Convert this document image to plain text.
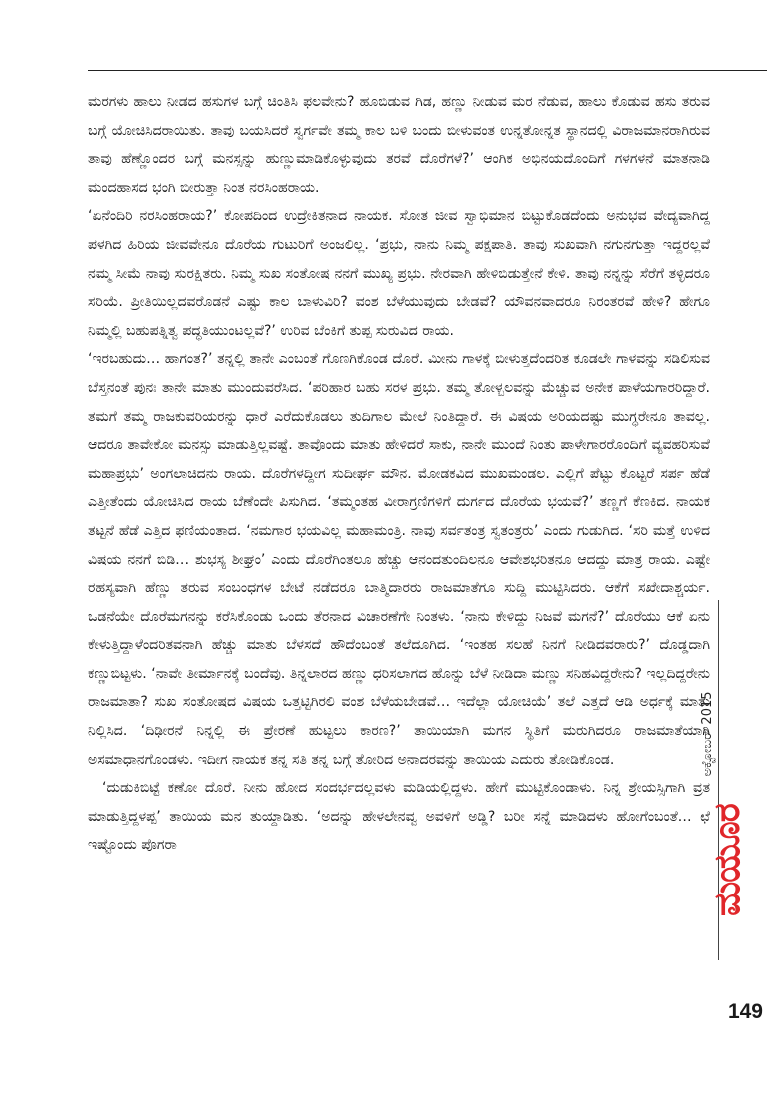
ಮರಗಳು ಹಾಲು ನೀಡದ ಹಸುಗಳ ಬಗ್ಗೆ ಚಿಂತಿಸಿ ಫಲವೇನು? ಹೂಬಿಡುವ ಗಿಡ, ಹಣ್ಣು ನೀಡುವ ಮರ ನೆಡುವ, ಹಾಲು ಕೊಡುವ ಹಸು ತರುವ ಬಗ್ಗೆ ಯೋಚಿಸಿದರಾಯಿತು. ತಾವು ಬಯಸಿದರೆ ಸ್ವರ್ಗವೇ ತಮ್ಮ ಕಾಲ ಬಳಿ ಬಂದು ಬೀಳುವಂತ ಉನ್ನತೋನ್ನತ ಸ್ಥಾನದಲ್ಲಿ ವಿರಾಜಮಾನರಾಗಿರುವ ತಾವು ಹೆಣ್ಣೊಂದರ ಬಗ್ಗೆ ಮನಸ್ಸನ್ನು ಹುಣ್ಣುಮಾಡಿಕೊಳ್ಳುವುದು ತರವೆ ದೊರೆಗಳೆ?’ ಆಂಗಿಕ ಅಭಿನಯದೊಂದಿಗೆ ಗಳಗಳನೆ ಮಾತನಾಡಿ ಮಂದಹಾಸದ ಭಂಗಿ ಬೀರುತ್ತಾ ನಿಂತ ನರಸಿಂಹರಾಯ.

‘ಏನೆಂದಿರಿ ನರಸಿಂಹರಾಯ?’ ಕೋಪದಿಂದ ಉದ್ರೇಕಿತನಾದ ನಾಯಕ. ಸೋತ ಜೀವ ಸ್ವಾಭಿಮಾನ ಬಿಟ್ಟುಕೊಡದೆಂದು ಅನುಭವ ವೇದ್ಯವಾಗಿದ್ದ ಪಳಗಿದ ಹಿರಿಯ ಜೀವವೇನೂ ದೊರೆಯ ಗುಟುರಿಗೆ ಅಂಜಲಿಲ್ಲ. ‘ಪ್ರಭು, ನಾನು ನಿಮ್ಮ ಪಕ್ಷಪಾತಿ. ತಾವು ಸುಖವಾಗಿ ನಗುನಗುತ್ತಾ ಇದ್ದರಲ್ಲವೆ ನಮ್ಮ ಸೀಮೆ ನಾವು ಸುರಕ್ಷಿತರು. ನಿಮ್ಮ ಸುಖ ಸಂತೋಷ ನನಗೆ ಮುಖ್ಯ ಪ್ರಭು. ನೇರವಾಗಿ ಹೇಳಿಬಿಡುತ್ತೇನೆ ಕೇಳಿ. ತಾವು ನನ್ನನ್ನು ಸೆರೆಗೆ ತಳ್ಳಿದರೂ ಸರಿಯೆ. ಪ್ರೀತಿಯಿಲ್ಲದವರೊಡನೆ ಎಷ್ಟು ಕಾಲ ಬಾಳುವಿರಿ? ವಂಶ ಬೆಳೆಯುವುದು ಬೇಡವೆ? ಯೌವನವಾದರೂ ನಿರಂತರವೆ ಹೇಳಿ? ಹೇಗೂ ನಿಮ್ಮಲ್ಲಿ ಬಹುಪತ್ನಿತ್ವ ಪದ್ಧತಿಯುಂಟಲ್ಲವೆ?’ ಉರಿವ ಬೆಂಕಿಗೆ ತುಪ್ಪ ಸುರುವಿದ ರಾಯ.

‘ಇರಬಹುದು… ಹಾಗಂತ?’ ತನ್ನಲ್ಲಿ ತಾನೇ ಎಂಬಂತೆ ಗೊಣಗಿಕೊಂಡ ದೊರೆ. ಮೀನು ಗಾಳಕ್ಕೆ ಬೀಳುತ್ತದೆಂದರಿತ ಕೂಡಲೇ ಗಾಳವನ್ನು ಸಡಿಲಿಸುವ ಬೆಸ್ತನಂತೆ ಪುನಃ ತಾನೇ ಮಾತು ಮುಂದುವರೆಸಿದ. ‘ಪರಿಹಾರ ಬಹು ಸರಳ ಪ್ರಭು. ತಮ್ಮ ತೋಳ್ಬಲವನ್ನು ಮೆಚ್ಚುವ ಅನೇಕ ಪಾಳೆಯಗಾರರಿದ್ದಾರೆ. ತಮಗೆ ತಮ್ಮ ರಾಜಕುವರಿಯರನ್ನು ಧಾರೆ ಎರೆದುಕೊಡಲು ತುದಿಗಾಲ ಮೇಲೆ ನಿಂತಿದ್ದಾರೆ. ಈ ವಿಷಯ ಅರಿಯದಷ್ಟು ಮುಗ್ಧರೇನೂ ತಾವಲ್ಲ. ಆದರೂ ತಾವೇಕೋ ಮನಸ್ಸು ಮಾಡುತ್ತಿಲ್ಲವಷ್ಟೆ. ತಾವೊಂದು ಮಾತು ಹೇಳಿದರೆ ಸಾಕು, ನಾನೇ ಮುಂದೆ ನಿಂತು ಪಾಳೇಗಾರರೊಂದಿಗೆ ವ್ಯವಹರಿಸುವೆ ಮಹಾಪ್ರಭು’ ಅಂಗಲಾಚಿದನು ರಾಯ. ದೊರೆಗಳದ್ದೀಗ ಸುದೀರ್ಘ ಮೌನ. ಮೋಡಕವಿದ ಮುಖಮಂಡಲ. ಎಲ್ಲಿಗೆ ಪೆಟ್ಟು ಕೊಟ್ಟರೆ ಸರ್ಪ ಹೆಡೆ ಎತ್ತೀತೆಂದು ಯೋಚಿಸಿದ ರಾಯ ಬೆಣೆಂದೇ ಪಿಸುಗಿದ. ‘ತಮ್ಮಂತಹ ವೀರಾಗ್ರಣಿಗಳಿಗೆ ದುರ್ಗದ ದೊರೆಯ ಭಯವೆ?’ ತಣ್ಣಗೆ ಕೆಣಕಿದ. ನಾಯಕ ತಟ್ಟನೆ ಹೆಡೆ ಎತ್ತಿದ ಫಣಿಯಂತಾದ. ‘ನಮಗಾರ ಭಯವಿಲ್ಲ ಮಹಾಮಂತ್ರಿ. ನಾವು ಸರ್ವತಂತ್ರ ಸ್ವತಂತ್ರರು’ ಎಂದು ಗುಡುಗಿದ. ‘ಸರಿ ಮತ್ತೆ ಉಳಿದ ವಿಷಯ ನನಗೆ ಬಿಡಿ… ಶುಭಸ್ಯ ಶೀಘ್ರಂ’ ಎಂದು ದೊರೆಗಿಂತಲೂ ಹೆಚ್ಚು ಆನಂದತುಂದಿಲನೂ ಆವೇಶಭರಿತನೂ ಆದದ್ದು ಮಾತ್ರ ರಾಯ. ಎಷ್ಟೇ ರಹಸ್ಯವಾಗಿ ಹೆಣ್ಣು ತರುವ ಸಂಬಂಧಗಳ ಬೇಟೆ ನಡೆದರೂ ಬಾತ್ಮಿದಾರರು ರಾಜಮಾತೆಗೂ ಸುದ್ದಿ ಮುಟ್ಟಿಸಿದರು. ಆಕೆಗೆ ಸಖೇದಾಶ್ಚರ್ಯ. ಒಡನೆಯೇ ದೊರೆಮಗನನ್ನು ಕರೆಸಿಕೊಂಡು ಒಂದು ತೆರನಾದ ವಿಚಾರಣೆಗೇ ನಿಂತಳು. ‘ನಾನು ಕೇಳಿದ್ದು ನಿಜವೆ ಮಗನೆ?’ ದೊರೆಯು ಆಕೆ ಏನು ಕೇಳುತ್ತಿದ್ದಾಳೆಂದರಿತವನಾಗಿ ಹೆಚ್ಚು ಮಾತು ಬೆಳಸದೆ ಹೌದೆಂಬಂತೆ ತಲೆದೂಗಿದ. ‘ಇಂತಹ ಸಲಹೆ ನಿನಗೆ ನೀಡಿದವರಾರು?’ ದೊಡ್ಡದಾಗಿ ಕಣ್ಣುಬಿಟ್ಟಳು. ‘ನಾವೇ ತೀರ್ಮಾನಕ್ಕೆ ಬಂದೆವು. ತಿನ್ನಲಾರದ ಹಣ್ಣು ಧರಿಸಲಾಗದ ಹೊನ್ನು ಬೆಳೆ ನೀಡಿದಾ ಮಣ್ಣು ಸನಿಹವಿದ್ದರೇನು? ಇಲ್ಲದಿದ್ದರೇನು ರಾಜಮಾತಾ? ಸುಖ ಸಂತೋಷದ ವಿಷಯ ಒತ್ತಟ್ಟಿಗಿರಲಿ ವಂಶ ಬೆಳೆಯಬೇಡವೆ… ಇದೆಲ್ಲಾ ಯೋಚಿಯೆ’ ತಲೆ ಎತ್ತದೆ ಆಡಿ ಅರ್ಧಕ್ಕೆ ಮಾತು ನಿಲ್ಲಿಸಿದ. ‘ದಿಢೀರನೆ ನಿನ್ನಲ್ಲಿ ಈ ಪ್ರೇರಣೆ ಹುಟ್ಟಲು ಕಾರಣ?’ ತಾಯಿಯಾಗಿ ಮಗನ ಸ್ಥಿತಿಗೆ ಮರುಗಿದರೂ ರಾಜಮಾತೆಯಾಗಿ ಅಸಮಾಧಾನಗೊಂಡಳು. ಇದೀಗ ನಾಯಕ ತನ್ನ ಸತಿ ತನ್ನ ಬಗ್ಗೆ ತೋರಿದ ಅನಾದರವನ್ನು ತಾಯಿಯ ಎದುರು ತೋಡಿಕೊಂಡ.

‘ದುಡುಕಿಬಿಟ್ಟೆ ಕಣೋ ದೊರೆ. ನೀನು ಹೋದ ಸಂದರ್ಭದಲ್ಲವಳು ಮಡಿಯಲ್ಲಿದ್ದಳು. ಹೇಗೆ ಮುಟ್ಟಿಕೊಂಡಾಳು. ನಿನ್ನ ಶ್ರೇಯಸ್ಸಿಗಾಗಿ ವ್ರತ ಮಾಡುತ್ತಿದ್ದಳಪ್ಪ’ ತಾಯಿಯ ಮನ ತುಯ್ದಾಡಿತು. ‘ಅದನ್ನು ಹೇಳಲೇನವ್ವ ಅವಳಿಗೆ ಅಡ್ಡಿ? ಬರೀ ಸನ್ನೆ ಮಾಡಿದಳು ಹೋಗೆಂಬಂತೆ… ಛೆ ಇಷ್ಟೊಂದು ಪೊಗರಾ

ಅಕ್ಟೋಬರ್ 2015
ಮಯೂರ
149
